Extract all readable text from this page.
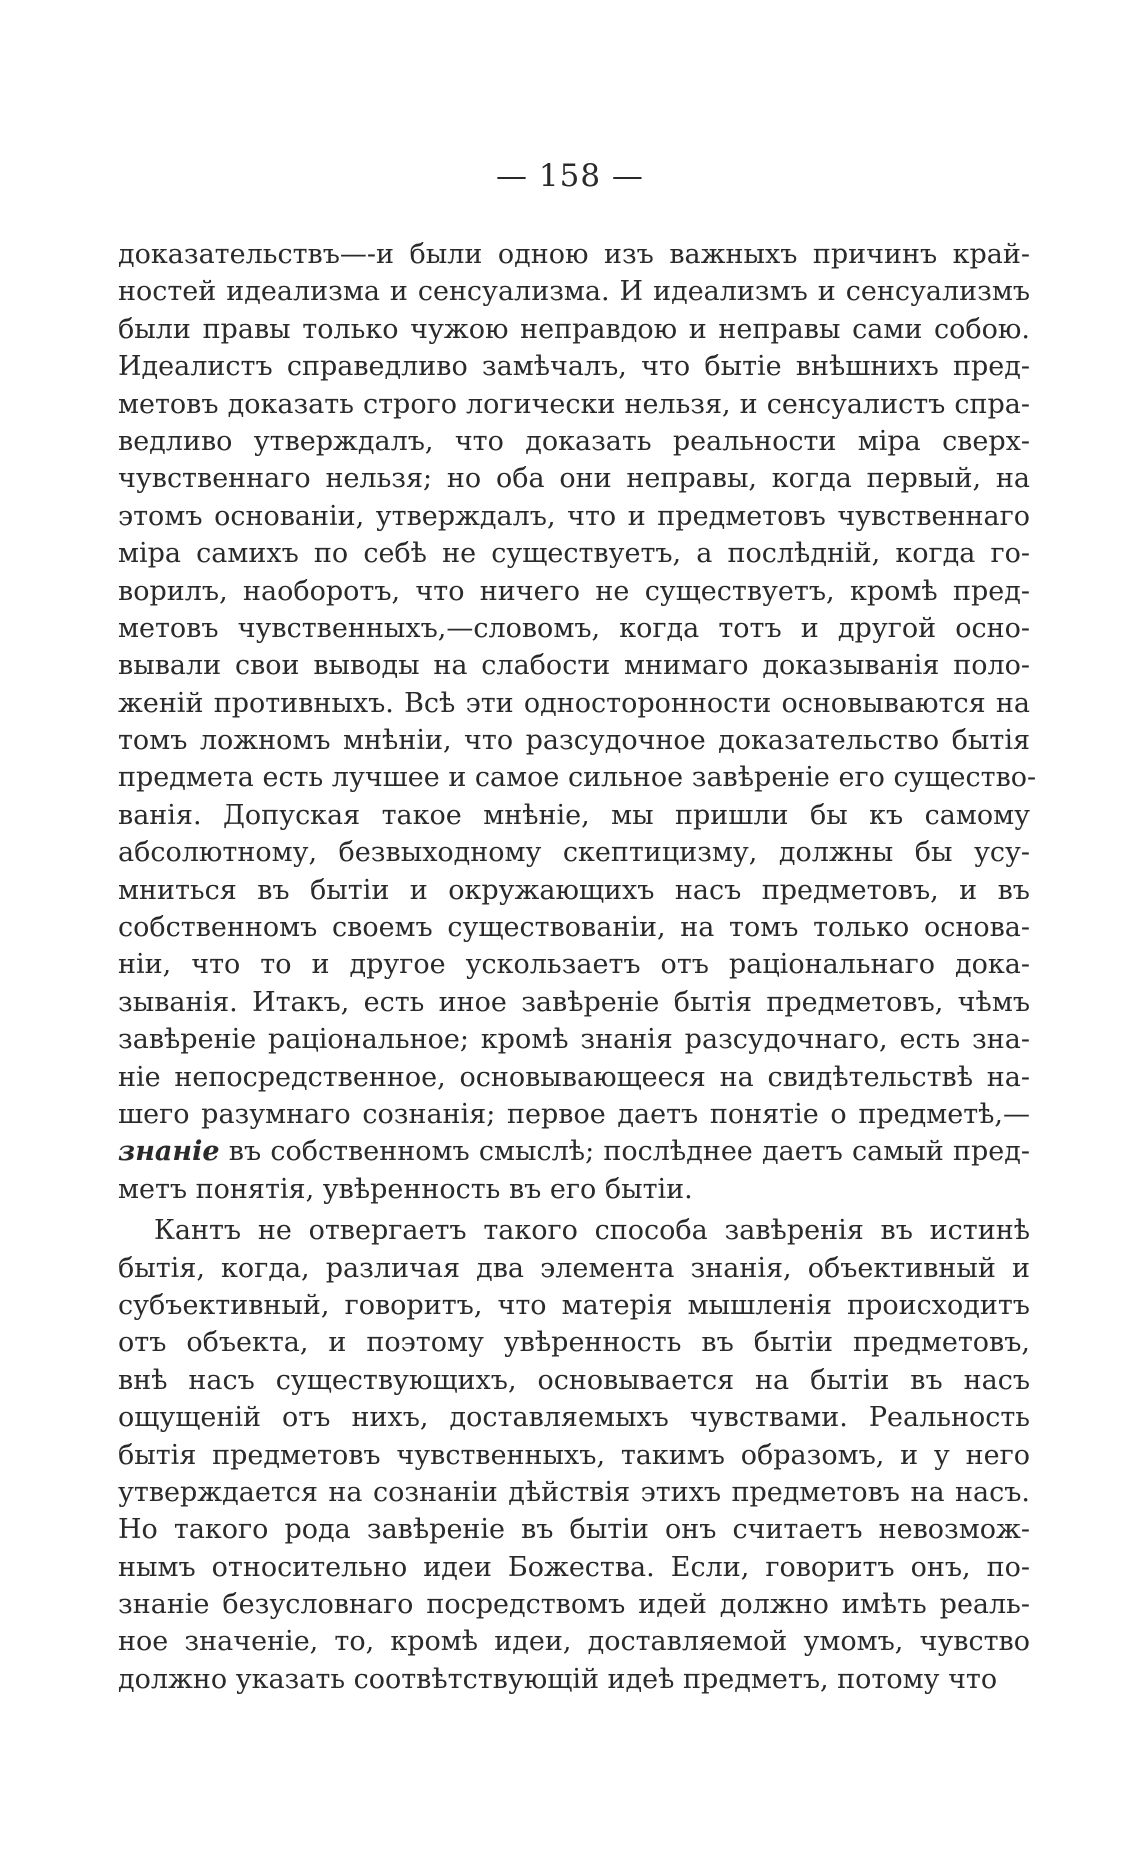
— 158 —
доказательствъ—-и были одною изъ важныхъ причинъ край-
ностей идеализма и сенсуализма. И идеализмъ и сенсуализмъ
были правы только чужою неправдою и неправы сами собою.
Идеалистъ справедливо замѣчалъ, что бытіе внѣшнихъ пред-
метовъ доказать строго логически нельзя, и сенсуалистъ спра-
ведливо утверждалъ, что доказать реальности міра сверх-
чувственнаго нельзя; но оба они неправы, когда первый, на
этомъ основаніи, утверждалъ, что и предметовъ чувственнаго
міра самихъ по себѣ не существуетъ, а послѣдній, когда го-
ворилъ, наоборотъ, что ничего не существуетъ, кромѣ пред-
метовъ чувственныхъ,—словомъ, когда тотъ и другой осно-
вывали свои выводы на слабости мнимаго доказыванія поло-
женій противныхъ. Всѣ эти односторонности основываются на
томъ ложномъ мнѣніи, что разсудочное доказательство бытія
предмета есть лучшее и самое сильное завѣреніе его существо-
ванія. Допуская такое мнѣніе, мы пришли бы къ самому
абсолютному, безвыходному скептицизму, должны бы усу-
мниться въ бытіи и окружающихъ насъ предметовъ, и въ
собственномъ своемъ существованіи, на томъ только основа-
ніи, что то и другое ускользаетъ отъ раціональнаго дока-
зыванія. Итакъ, есть иное завѣреніе бытія предметовъ, чѣмъ
завѣреніе раціональное; кромѣ знанія разсудочнаго, есть зна-
ніе непосредственное, основывающееся на свидѣтельствѣ на-
шего разумнаго сознанія; первое даетъ понятіе о предметѣ,—
знаніе въ собственномъ смыслѣ; послѣднее даетъ самый пред-
метъ понятія, увѣренность въ его бытіи.
Кантъ не отвергаетъ такого способа завѣренія въ истинѣ
бытія, когда, различая два элемента знанія, объективный и
субъективный, говоритъ, что матерія мышленія происходитъ
отъ объекта, и поэтому увѣренность въ бытіи предметовъ,
внѣ насъ существующихъ, основывается на бытіи въ насъ
ощущеній отъ нихъ, доставляемыхъ чувствами. Реальность
бытія предметовъ чувственныхъ, такимъ образомъ, и у него
утверждается на сознаніи дѣйствія этихъ предметовъ на насъ.
Но такого рода завѣреніе въ бытіи онъ считаетъ невозмож-
нымъ относительно идеи Божества. Если, говоритъ онъ, по-
знаніе безусловнаго посредствомъ идей должно имѣть реаль-
ное значеніе, то, кромѣ идеи, доставляемой умомъ, чувство
должно указать соотвѣтствующій идеѣ предметъ, потому что
